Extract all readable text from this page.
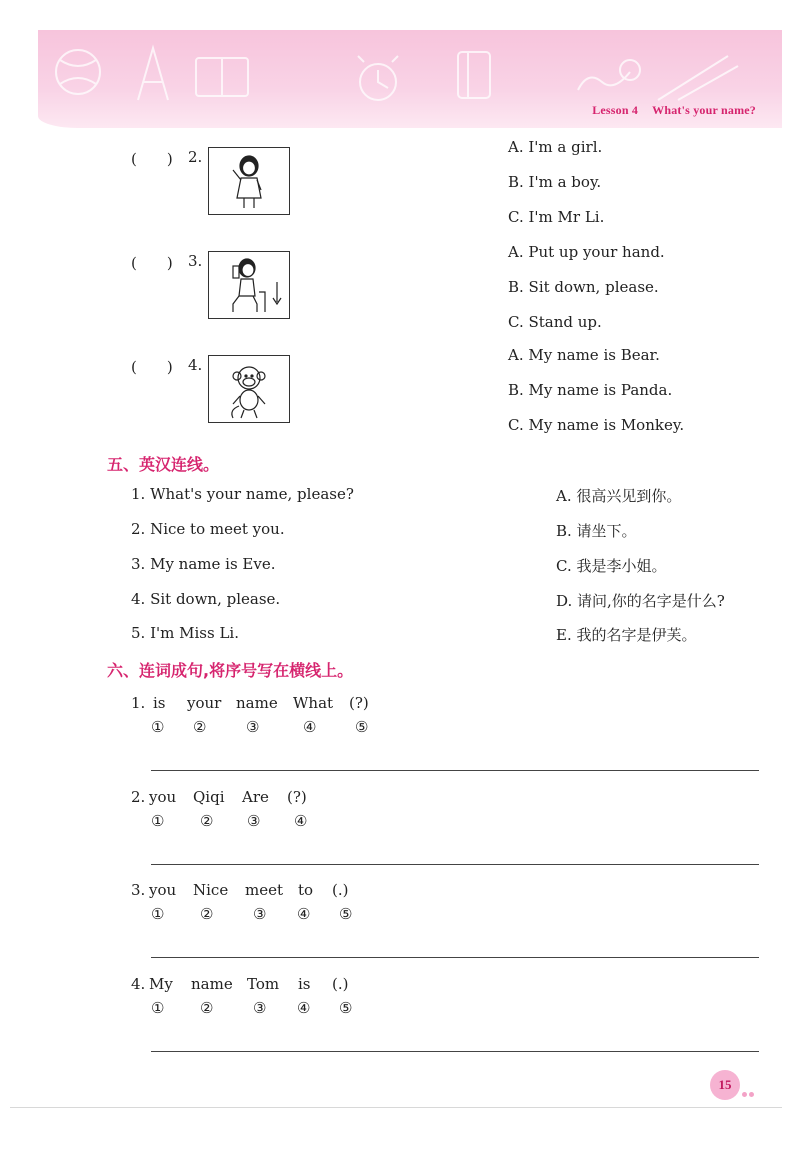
Lesson 4 What's your name?
(　　) 2.
A. I'm a girl.
B. I'm a boy.
C. I'm Mr Li.
(　　) 3.	A. Put up your hand.
B. Sit down, please.
C. Stand up.
(　　) 4.
A. My name is Bear.
B. My name is Panda.
C. My name is Monkey.
五、英汉连线。
1. What's your name, please?
2. Nice to meet you.
3. My name is Eve.
4. Sit down, please.
5. I'm Miss Li.
A. 很高兴见到你。
B. 请坐下。
C. 我是李小姐。
D. 请问,你的名字是什么?
E. 我的名字是伊芙。
六、连词成句,将序号写在横线上。
1. is your name What (?)
① ②	③	④	⑤
2. you Qiqi Are (?)
① ② ③ ④
3. you Nice meet to (.)
① ②	③ ④ ⑤
4. My name Tom is (.)
① ②	③ ④ ⑤
15
